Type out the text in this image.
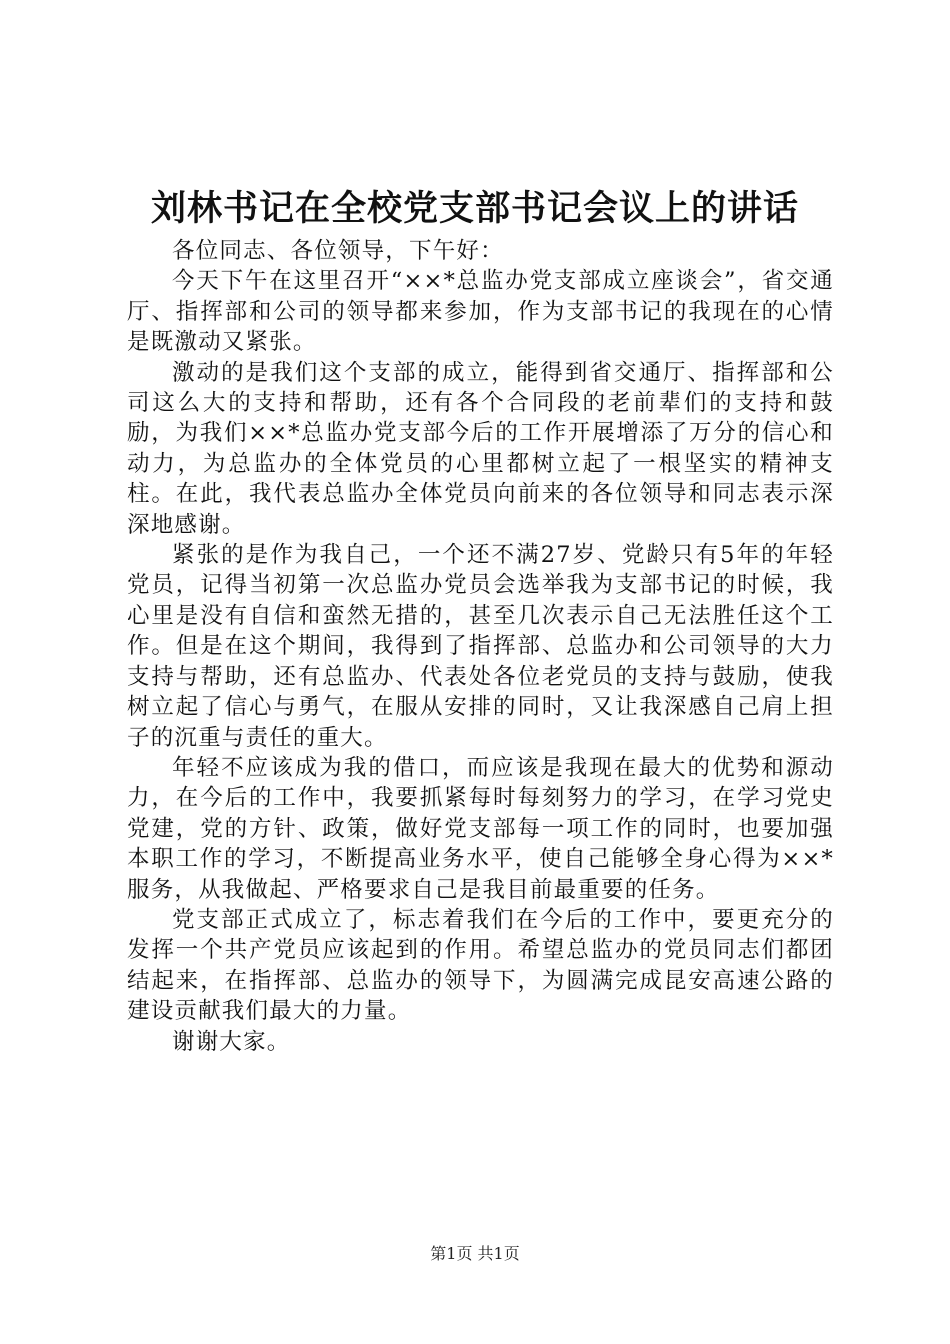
刘林书记在全校党支部书记会议上的讲话

各位同志、各位领导，下午好：

今天下午在这里召开“××*总监办党支部成立座谈会”，省交通厅、指挥部和公司的领导都来参加，作为支部书记的我现在的心情是既激动又紧张。

激动的是我们这个支部的成立，能得到省交通厅、指挥部和公司这么大的支持和帮助，还有各个合同段的老前辈们的支持和鼓励，为我们××*总监办党支部今后的工作开展增添了万分的信心和动力，为总监办的全体党员的心里都树立起了一根坚实的精神支柱。在此，我代表总监办全体党员向前来的各位领导和同志表示深深地感谢。

紧张的是作为我自己，一个还不满27岁、党龄只有5年的年轻党员，记得当初第一次总监办党员会选举我为支部书记的时候，我心里是没有自信和蛮然无措的，甚至几次表示自己无法胜任这个工作。但是在这个期间，我得到了指挥部、总监办和公司领导的大力支持与帮助，还有总监办、代表处各位老党员的支持与鼓励，使我树立起了信心与勇气，在服从安排的同时，又让我深感自己肩上担子的沉重与责任的重大。

年轻不应该成为我的借口，而应该是我现在最大的优势和源动力，在今后的工作中，我要抓紧每时每刻努力的学习，在学习党史党建，党的方针、政策，做好党支部每一项工作的同时，也要加强本职工作的学习，不断提高业务水平，使自己能够全身心得为××*服务，从我做起、严格要求自己是我目前最重要的任务。

党支部正式成立了，标志着我们在今后的工作中，要更充分的发挥一个共产党员应该起到的作用。希望总监办的党员同志们都团结起来，在指挥部、总监办的领导下，为圆满完成昆安高速公路的建设贡献我们最大的力量。

谢谢大家。

第1页 共1页
